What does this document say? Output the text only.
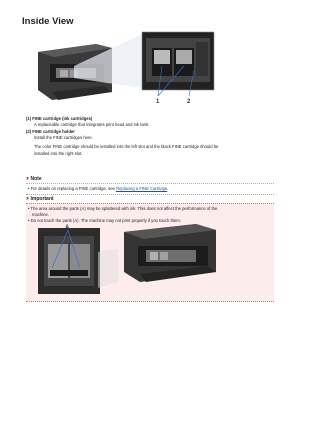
Inside View
1	2
(1) FINE cartridge (ink cartridges)
A replaceable cartridge that integrates print head and ink tank.
(2) FINE cartridge holder
Install the FINE cartridges here.
The color FINE cartridge should be installed into the left slot and the black FINE cartridge should be
installed into the right slot.
››› Note
• For details on replacing a FINE cartridge, see Replacing a FINE Cartridge.
››› Important
• The area around the parts (A) may be splattered with ink. This does not affect the performance of the
machine.
• Do not touch the parts (A). The machine may not print properly if you touch them.
A
